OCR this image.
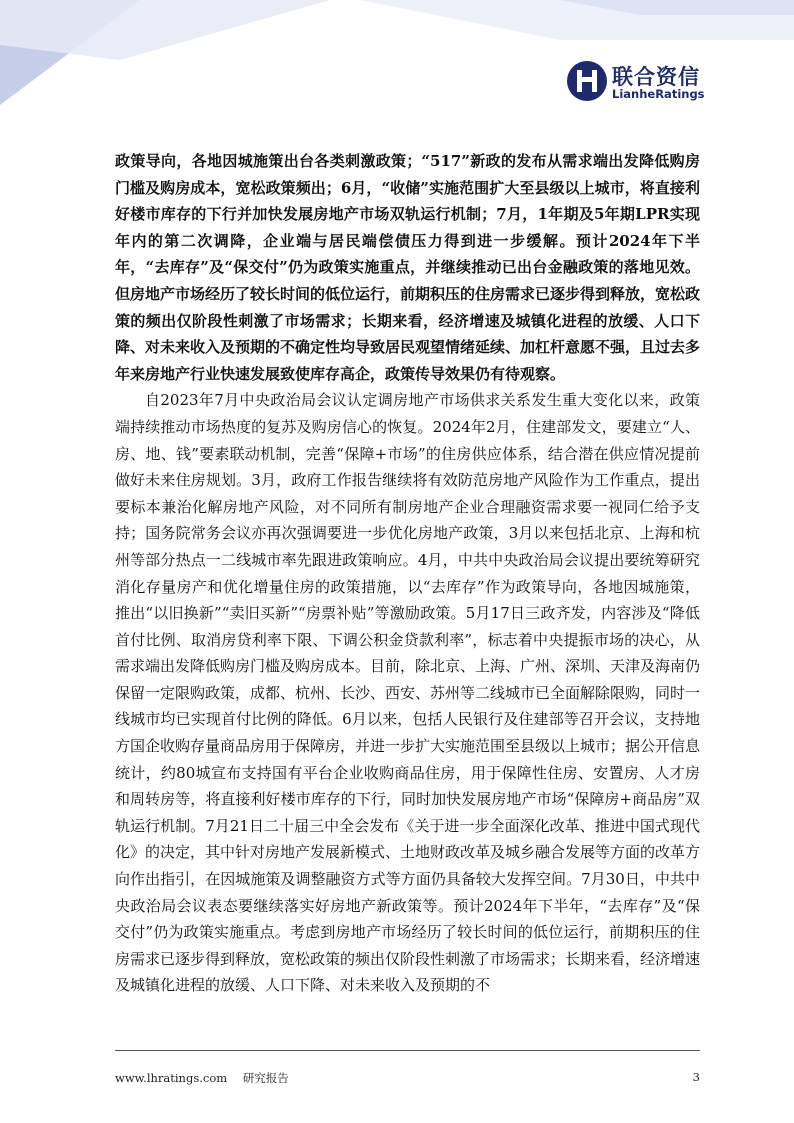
联合资信
LianheRatings

政策导向，各地因城施策出台各类刺激政策；“517”新政的发布从需求端出发降低购房门槛及购房成本，宽松政策频出；6月，“收储”实施范围扩大至县级以上城市，将直接利好楼市库存的下行并加快发展房地产市场双轨运行机制；7月，1年期及5年期LPR实现年内的第二次调降，企业端与居民端偿债压力得到进一步缓解。预计2024年下半年，“去库存”及“保交付”仍为政策实施重点，并继续推动已出台金融政策的落地见效。但房地产市场经历了较长时间的低位运行，前期积压的住房需求已逐步得到释放，宽松政策的频出仅阶段性刺激了市场需求；长期来看，经济增速及城镇化进程的放缓、人口下降、对未来收入及预期的不确定性均导致居民观望情绪延续、加杠杆意愿不强，且过去多年来房地产行业快速发展致使库存高企，政策传导效果仍有待观察。

自2023年7月中央政治局会议认定调房地产市场供求关系发生重大变化以来，政策端持续推动市场热度的复苏及购房信心的恢复。2024年2月，住建部发文，要建立“人、房、地、钱”要素联动机制，完善“保障+市场”的住房供应体系，结合潜在供应情况提前做好未来住房规划。3月，政府工作报告继续将有效防范房地产风险作为工作重点，提出要标本兼治化解房地产风险，对不同所有制房地产企业合理融资需求要一视同仁给予支持；国务院常务会议亦再次强调要进一步优化房地产政策，3月以来包括北京、上海和杭州等部分热点一二线城市率先跟进政策响应。4月，中共中央政治局会议提出要统筹研究消化存量房产和优化增量住房的政策措施，以“去库存”作为政策导向，各地因城施策，推出“以旧换新”“卖旧买新”“房票补贴”等激励政策。5月17日三政齐发，内容涉及“降低首付比例、取消房贷利率下限、下调公积金贷款利率”，标志着中央提振市场的决心，从需求端出发降低购房门槛及购房成本。目前，除北京、上海、广州、深圳、天津及海南仍保留一定限购政策，成都、杭州、长沙、西安、苏州等二线城市已全面解除限购，同时一线城市均已实现首付比例的降低。6月以来，包括人民银行及住建部等召开会议，支持地方国企收购存量商品房用于保障房，并进一步扩大实施范围至县级以上城市；据公开信息统计，约80城宣布支持国有平台企业收购商品住房，用于保障性住房、安置房、人才房和周转房等，将直接利好楼市库存的下行，同时加快发展房地产市场“保障房+商品房”双轨运行机制。7月21日二十届三中全会发布《关于进一步全面深化改革、推进中国式现代化》的决定，其中针对房地产发展新模式、土地财政改革及城乡融合发展等方面的改革方向作出指引，在因城施策及调整融资方式等方面仍具备较大发挥空间。7月30日，中共中央政治局会议表态要继续落实好房地产新政策等。预计2024年下半年，“去库存”及“保交付”仍为政策实施重点。考虑到房地产市场经历了较长时间的低位运行，前期积压的住房需求已逐步得到释放，宽松政策的频出仅阶段性刺激了市场需求；长期来看，经济增速及城镇化进程的放缓、人口下降、对未来收入及预期的不

www.lhratings.com 研究报告	3
